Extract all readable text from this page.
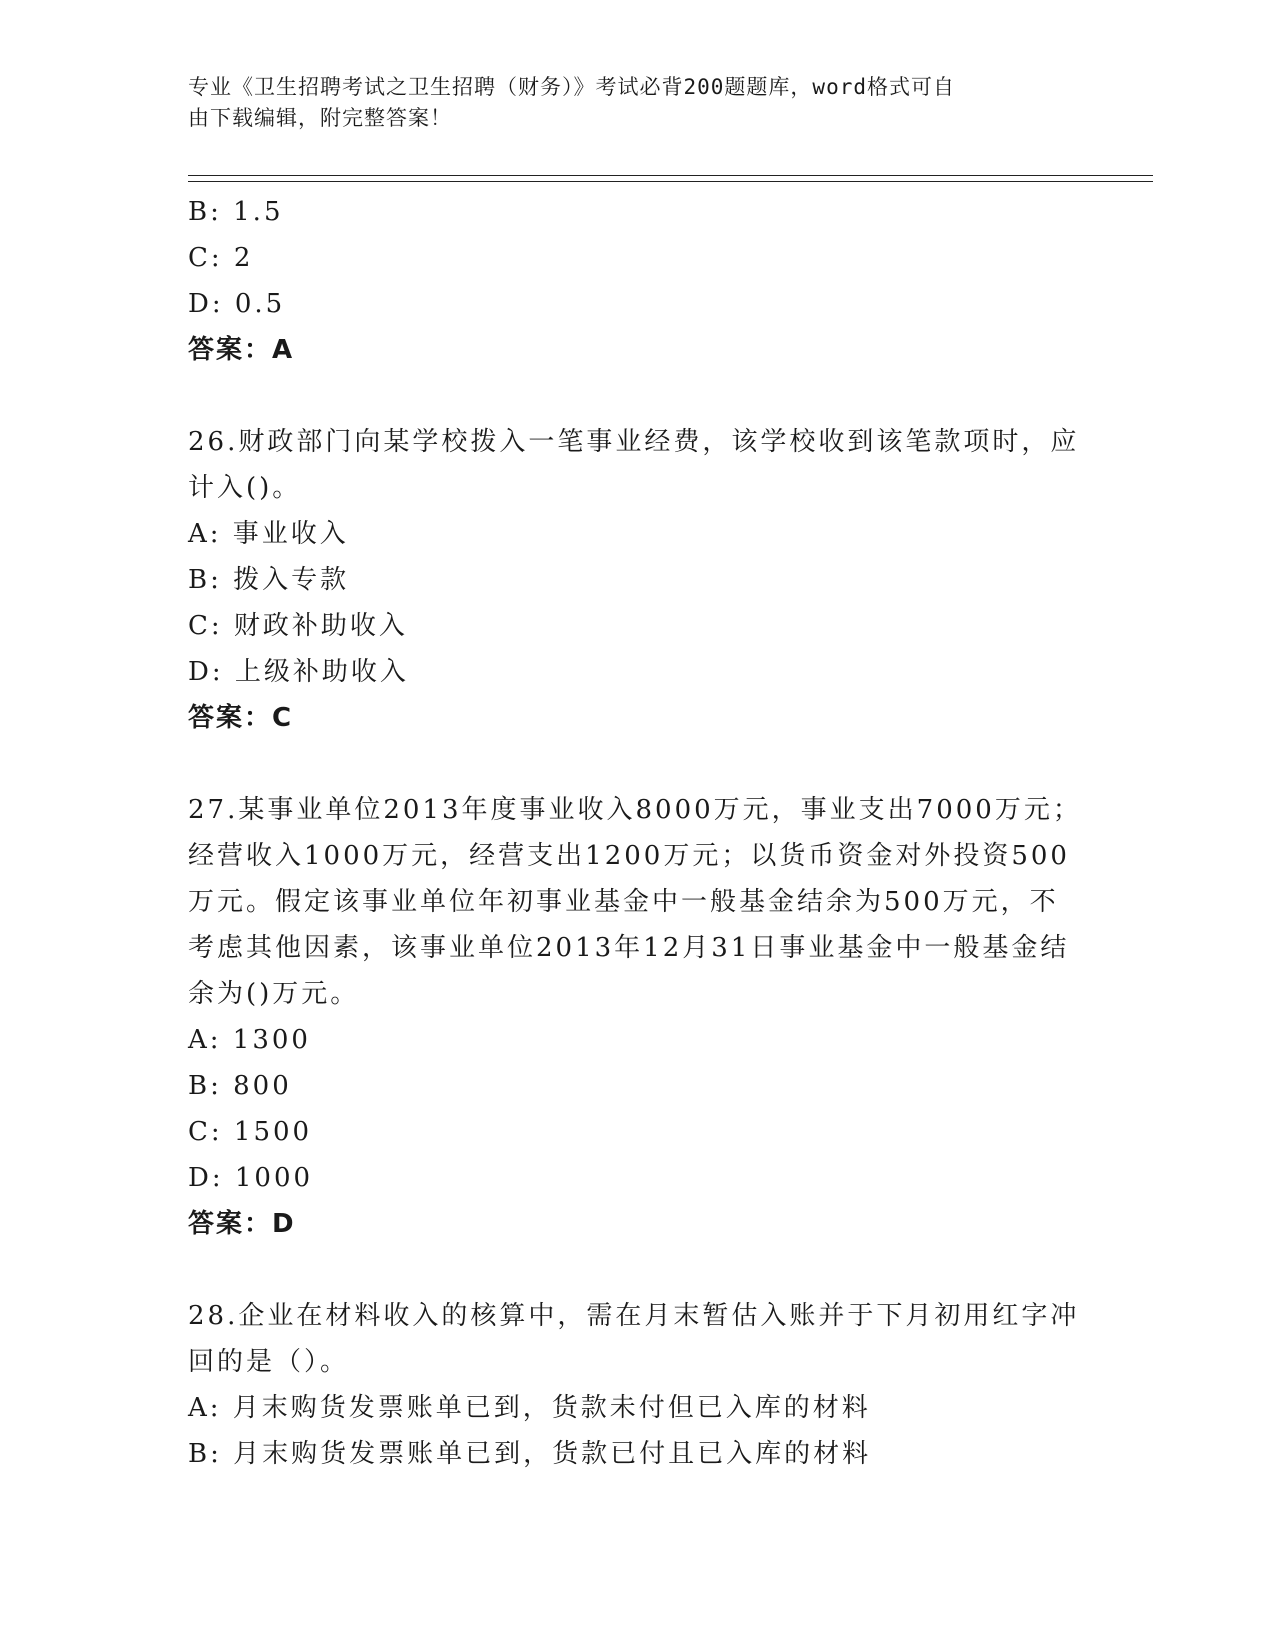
专业《卫生招聘考试之卫生招聘（财务）》考试必背200题题库，word格式可自
由下载编辑，附完整答案！
B: 1.5
C: 2
D: 0.5
答案：A
26.财政部门向某学校拨入一笔事业经费，该学校收到该笔款项时，应
计入()。
A: 事业收入
B: 拨入专款
C: 财政补助收入
D: 上级补助收入
答案：C
27.某事业单位2013年度事业收入8000万元，事业支出7000万元；
经营收入1000万元，经营支出1200万元；以货币资金对外投资500
万元。假定该事业单位年初事业基金中一般基金结余为500万元，不
考虑其他因素，该事业单位2013年12月31日事业基金中一般基金结
余为()万元。
A: 1300
B: 800
C: 1500
D: 1000
答案：D
28.企业在材料收入的核算中，需在月末暂估入账并于下月初用红字冲
回的是（）。
A: 月末购货发票账单已到，货款未付但已入库的材料
B: 月末购货发票账单已到，货款已付且已入库的材料
